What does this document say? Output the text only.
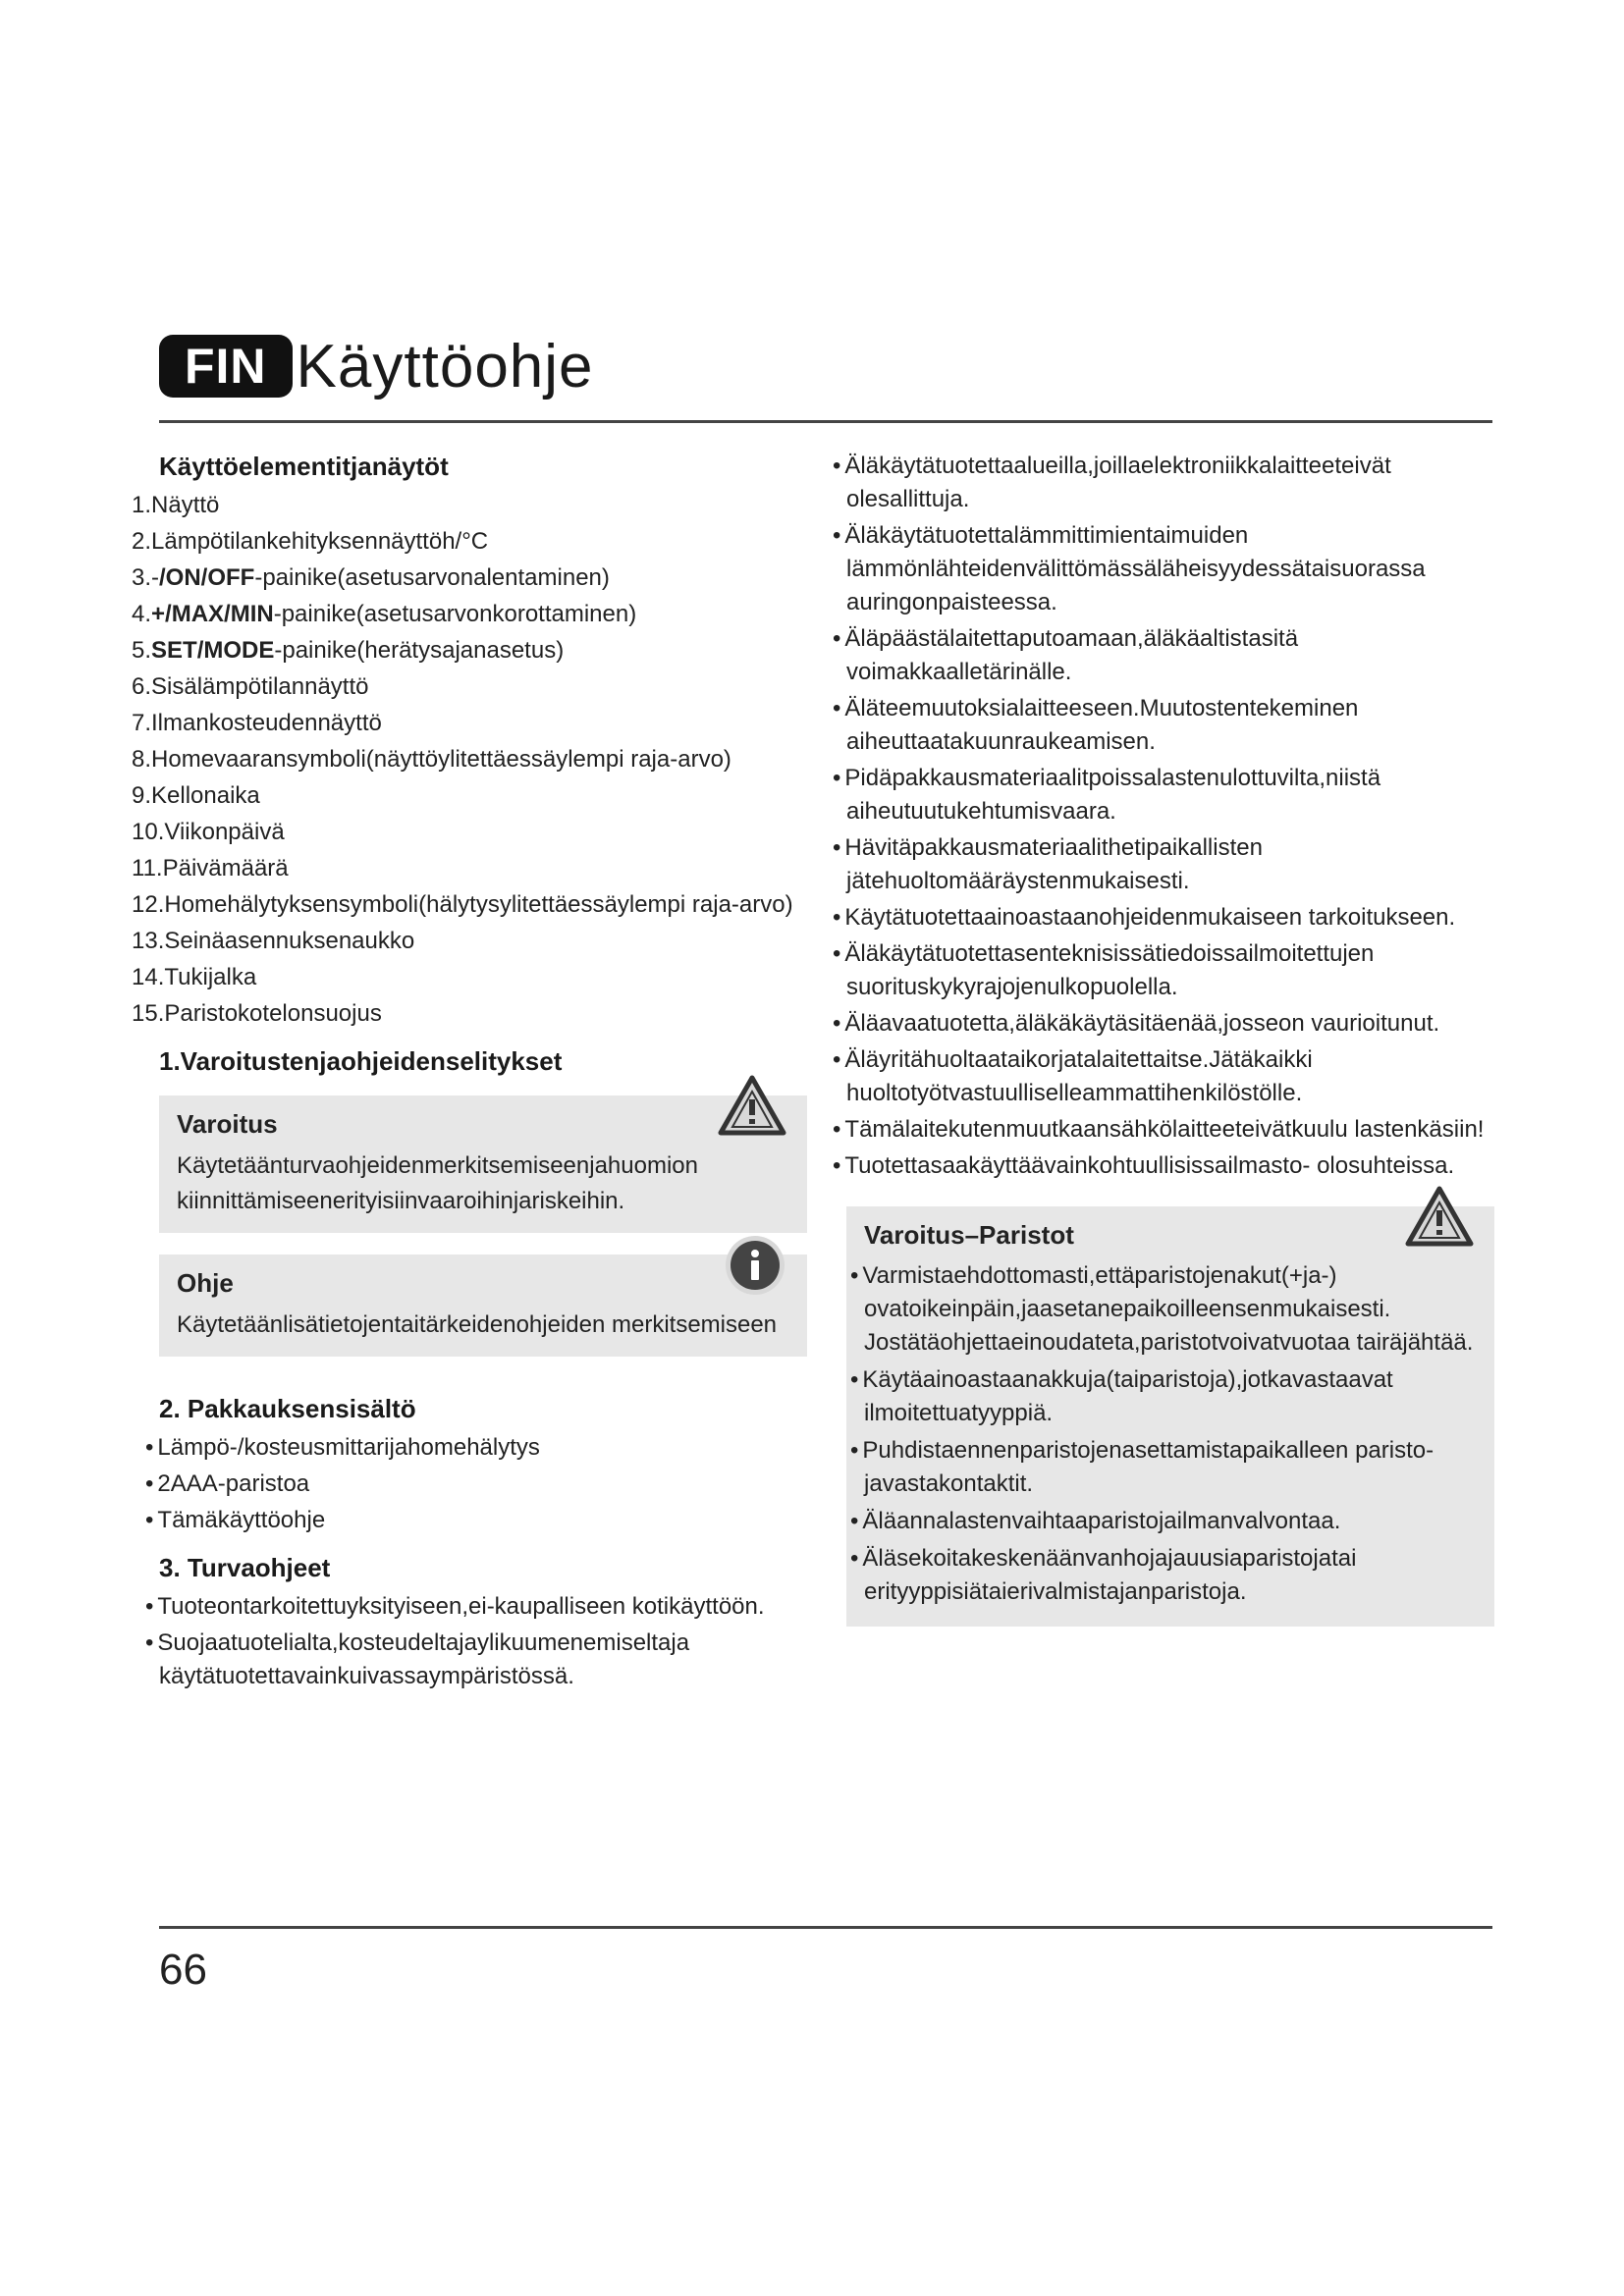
FIN Käyttöohje
Käyttöelementitjanäytöt
1.Näyttö
2.Lämpötilankehityksennäyttöh/°C
3.-/ON/OFF-painike(asetusarvonalentaminen)
4.+/MAX/MIN-painike(asetusarvonkorottaminen)
5.SET/MODE-painike(herätysajanasetus)
6.Sisälämpötilannäyttö
7.Ilmankosteudennäyttö
8.Homevaaransymboli(näyttöylitettäessäylempi raja-arvo)
9.Kellonaika
10.Viikonpäivä
11.Päivämäärä
12.Homehälytyksensymboli(hälytysylitettäessäylempi raja-arvo)
13.Seinäasennuksenaukko
14.Tukijalka
15.Paristokotelonsuojus
1.Varoitustenjaohjeidenselitykset
Varoitus
Käytetäänturvaohjeidenmerkitsemiseenjahuomion kiinnittämiseenerityisiinvaaroihinjariskeihin.
Ohje
Käytetäänlisätietojentaitärkeidenohjeiden merkitsemiseen
2. Pakkauksensisältö
• Lämpö-/kosteusmittarijahomehälytys
• 2AAA-paristoa
• Tämäkäyttöohje
3. Turvaohjeet
• Tuoteontarkoitettuyksityiseen,ei-kaupalliseen kotikäyttöön.
• Suojaatuotelialta,kosteudeltajaylikuumenemiseltaja käytätuotettavainkuivassaympäristössä.
• Äläkäytätuotettaalueilla,joillaelektroniikkalaitteeteivät olesallittuja.
• Äläkäytätuotettalämmittimientaimuiden lämmönlähteidenvälittömässäläheisyydessätaisuorassa auringonpaisteessa.
• Äläpäästälaitettaputoamaan,äläkäaltistasitä voimakkaalletärinälle.
• Äläteemuutoksialaitteeseen.Muutostentekeminen aiheuttaatakuunraukeamisen.
• Pidäpakkausmateriaalitpoissalastenulottuvilta,niistä aiheutuutukehtumisvaara.
• Hävitäpakkausmateriaalithetipaikallisten jätehuoltomääräystenmukaisesti.
• Käytätuotettaainoastaanohjeidenmukaiseen tarkoitukseen.
• Äläkäytätuotettasenteknisissätiedoissailmoitettujen suorituskykyrajojenulkopuolella.
• Äläavaatuotetta,äläkäkäytäsitäenää,josseon vaurioitunut.
• Äläyritähuoltaataikorjatalaitettaitse.Jätäkaikki huoltotyötvastuulliselleammattihenkilöstölle.
• Tämälaitekutenmuutkaansähkölaitteeteivätkuulu lastenkäsiin!
• Tuotettasaakäyttäävainkohtuullisissailmasto- olosuhteissa.
Varoitus–Paristot
• Varmistaehdottomasti,ettäparistojenakut(+ja-) ovatoikeinpäin,jaasetanepaikoilleensenmukaisesti. Jostätäohjettaeinoudateta,paristotvoivatvuotaa tairäjähtää.
• Käytäainoastaanakkuja(taiparistoja),jotkavastaavat ilmoitettuatyyppiä.
• Puhdistaennenparistojenasettamistapaikalleen paristo-javastakontaktit.
• Äläannalastenvaihtaaparistojailmanvalvontaa.
• Äläsekoitakeskenäänvanhojajauusiaparistojatai erityyppisiätaierivalmistajanparistoja.
66
